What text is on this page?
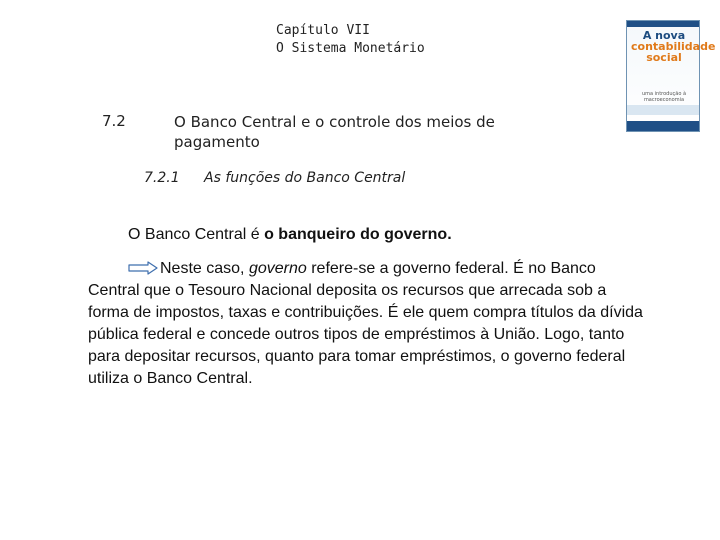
Capítulo VII
O Sistema Monetário
A nova
contabilidade
social
uma introdução à macroeconomia
7.2	O Banco Central e o controle dos meios de pagamento
7.2.1 As funções do Banco Central
O Banco Central é o banqueiro do governo.
Neste caso, governo refere-se a governo federal. É no Banco Central que o Tesouro Nacional deposita os recursos que arrecada sob a forma de impostos, taxas e contribuições. É ele quem compra títulos da dívida pública federal e concede outros tipos de empréstimos à União. Logo, tanto para depositar recursos, quanto para tomar empréstimos, o governo federal utiliza o Banco Central.
